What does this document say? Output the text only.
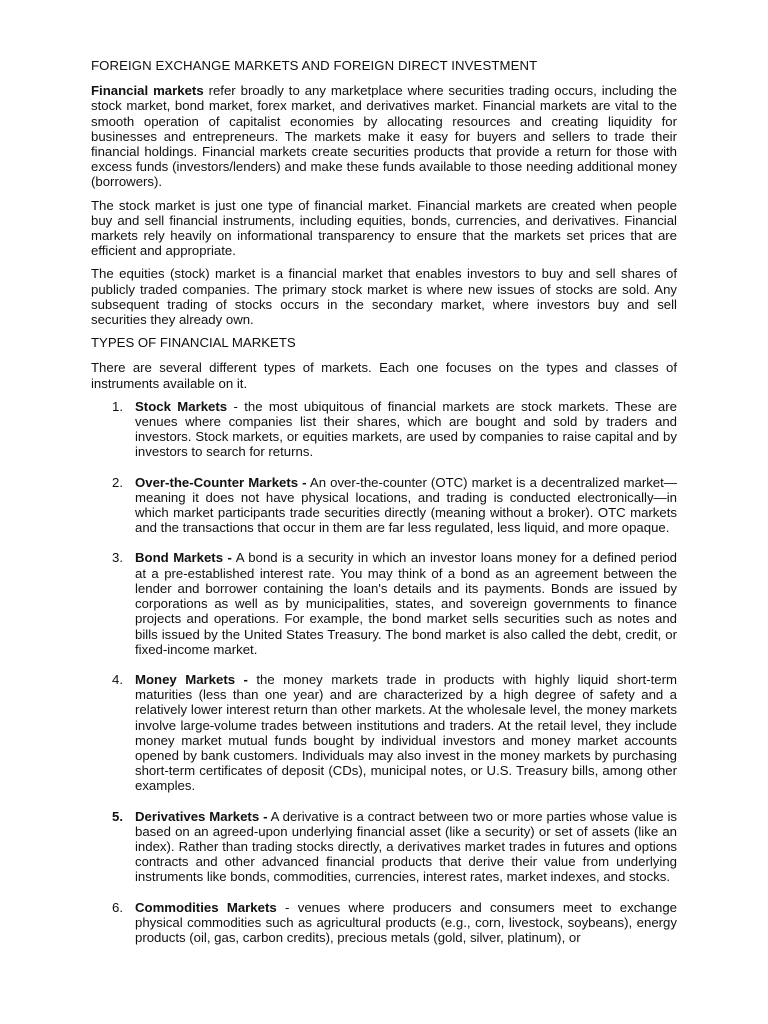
FOREIGN EXCHANGE MARKETS AND FOREIGN DIRECT INVESTMENT

Financial markets refer broadly to any marketplace where securities trading occurs, including the stock market, bond market, forex market, and derivatives market. Financial markets are vital to the smooth operation of capitalist economies by allocating resources and creating liquidity for businesses and entrepreneurs. The markets make it easy for buyers and sellers to trade their financial holdings. Financial markets create securities products that provide a return for those with excess funds (investors/lenders) and make these funds available to those needing additional money (borrowers).

The stock market is just one type of financial market. Financial markets are created when people buy and sell financial instruments, including equities, bonds, currencies, and derivatives. Financial markets rely heavily on informational transparency to ensure that the markets set prices that are efficient and appropriate.

The equities (stock) market is a financial market that enables investors to buy and sell shares of publicly traded companies. The primary stock market is where new issues of stocks are sold. Any subsequent trading of stocks occurs in the secondary market, where investors buy and sell securities they already own.

TYPES OF FINANCIAL MARKETS

There are several different types of markets. Each one focuses on the types and classes of instruments available on it.

1. Stock Markets - the most ubiquitous of financial markets are stock markets. These are venues where companies list their shares, which are bought and sold by traders and investors. Stock markets, or equities markets, are used by companies to raise capital and by investors to search for returns.
2. Over-the-Counter Markets - An over-the-counter (OTC) market is a decentralized market—meaning it does not have physical locations, and trading is conducted electronically—in which market participants trade securities directly (meaning without a broker). OTC markets and the transactions that occur in them are far less regulated, less liquid, and more opaque.
3. Bond Markets - A bond is a security in which an investor loans money for a defined period at a pre-established interest rate. You may think of a bond as an agreement between the lender and borrower containing the loan's details and its payments. Bonds are issued by corporations as well as by municipalities, states, and sovereign governments to finance projects and operations. For example, the bond market sells securities such as notes and bills issued by the United States Treasury. The bond market is also called the debt, credit, or fixed-income market.
4. Money Markets - the money markets trade in products with highly liquid short-term maturities (less than one year) and are characterized by a high degree of safety and a relatively lower interest return than other markets. At the wholesale level, the money markets involve large-volume trades between institutions and traders. At the retail level, they include money market mutual funds bought by individual investors and money market accounts opened by bank customers. Individuals may also invest in the money markets by purchasing short-term certificates of deposit (CDs), municipal notes, or U.S. Treasury bills, among other examples.
5. Derivatives Markets - A derivative is a contract between two or more parties whose value is based on an agreed-upon underlying financial asset (like a security) or set of assets (like an index). Rather than trading stocks directly, a derivatives market trades in futures and options contracts and other advanced financial products that derive their value from underlying instruments like bonds, commodities, currencies, interest rates, market indexes, and stocks.
6. Commodities Markets - venues where producers and consumers meet to exchange physical commodities such as agricultural products (e.g., corn, livestock, soybeans), energy products (oil, gas, carbon credits), precious metals (gold, silver, platinum), or
